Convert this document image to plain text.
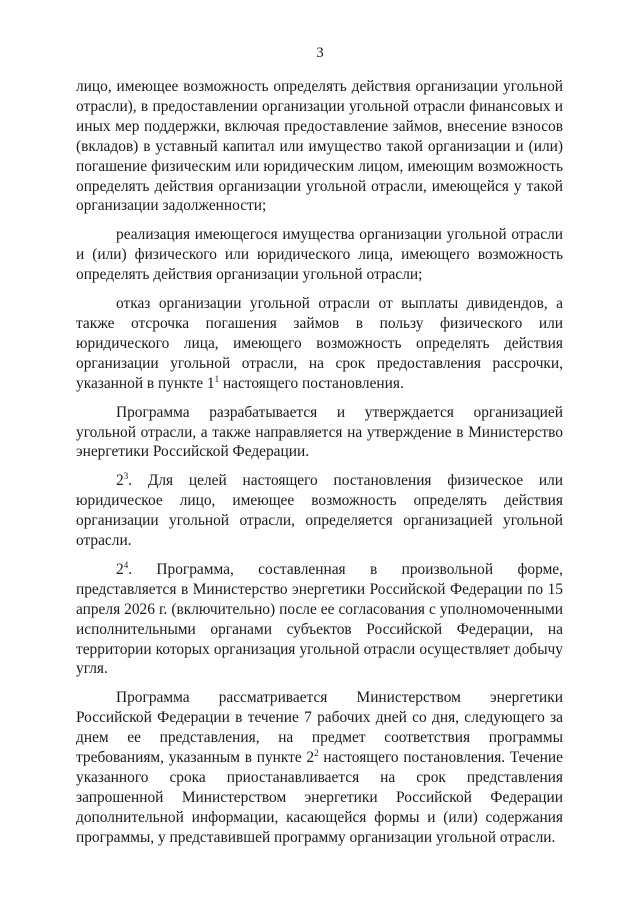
3

лицо, имеющее возможность определять действия организации угольной отрасли), в предоставлении организации угольной отрасли финансовых и иных мер поддержки, включая предоставление займов, внесение взносов (вкладов) в уставный капитал или имущество такой организации и (или) погашение физическим или юридическим лицом, имеющим возможность определять действия организации угольной отрасли, имеющейся у такой организации задолженности;

реализация имеющегося имущества организации угольной отрасли и (или) физического или юридического лица, имеющего возможность определять действия организации угольной отрасли;

отказ организации угольной отрасли от выплаты дивидендов, а также отсрочка погашения займов в пользу физического или юридического лица, имеющего возможность определять действия организации угольной отрасли, на срок предоставления рассрочки, указанной в пункте $1^1$ настоящего постановления.

Программа разрабатывается и утверждается организацией угольной отрасли, а также направляется на утверждение в Министерство энергетики Российской Федерации.

$2^3$. Для целей настоящего постановления физическое или юридическое лицо, имеющее возможность определять действия организации угольной отрасли, определяется организацией угольной отрасли.

$2^4$. Программа, составленная в произвольной форме, представляется в Министерство энергетики Российской Федерации по 15 апреля 2026 г. (включительно) после ее согласования с уполномоченными исполнительными органами субъектов Российской Федерации, на территории которых организация угольной отрасли осуществляет добычу угля.

Программа рассматривается Министерством энергетики Российской Федерации в течение 7 рабочих дней со дня, следующего за днем ее представления, на предмет соответствия программы требованиям, указанным в пункте $2^2$ настоящего постановления. Течение указанного срока приостанавливается на срок представления запрошенной Министерством энергетики Российской Федерации дополнительной информации, касающейся формы и (или) содержания программы, у представившей программу организации угольной отрасли.
